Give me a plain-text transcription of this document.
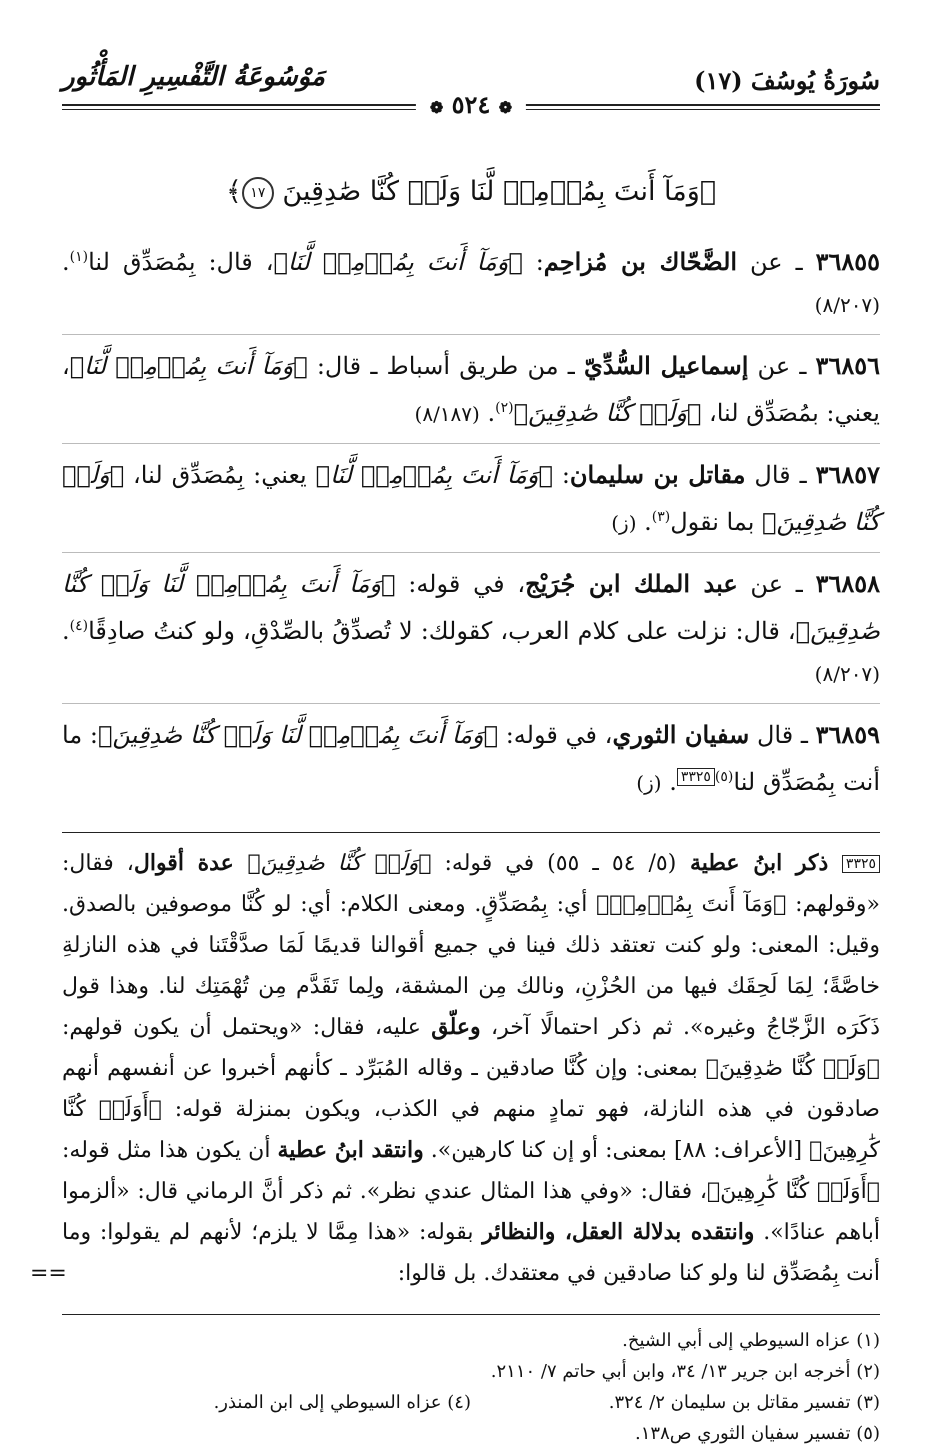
سُورَةُ يُوسُفَ (١٧)
❁ ٥٢٤ ❁
مَوْسُوعَةُ التَّفْسِيرِ المَأْثُور
﴿وَمَآ أَنتَ بِمُؤۡمِنٖ لَّنَا وَلَوۡ كُنَّا صَٰدِقِينَ ١٧﴾
٣٦٨٥٥ ـ عن الضَّحّاك بن مُزاحِم: ﴿وَمَآ أَنتَ بِمُؤۡمِنٖ لَّنَا﴾، قال: بِمُصَدِّق لنا$^{(١)}$. (٨/٢٠٧)
٣٦٨٥٦ ـ عن إسماعيل السُّدِّيّ ـ من طريق أسباط ـ قال: ﴿وَمَآ أَنتَ بِمُؤۡمِنٖ لَّنَا﴾، يعني: بمُصَدِّق لنا، ﴿وَلَوۡ كُنَّا صَٰدِقِينَ﴾$^{(٢)}$. (٨/١٨٧)
٣٦٨٥٧ ـ قال مقاتل بن سليمان: ﴿وَمَآ أَنتَ بِمُؤۡمِنٖ لَّنَا﴾ يعني: بِمُصَدِّق لنا، ﴿وَلَوۡ كُنَّا صَٰدِقِينَ﴾ بما نقول$^{(٣)}$. (ز)
٣٦٨٥٨ ـ عن عبد الملك ابن جُرَيْج، في قوله: ﴿وَمَآ أَنتَ بِمُؤۡمِنٖ لَّنَا وَلَوۡ كُنَّا صَٰدِقِينَ﴾، قال: نزلت على كلام العرب، كقولك: لا تُصدِّقُ بالصِّدْقِ، ولو كنتُ صادِقًا$^{(٤)}$. (٨/٢٠٧)
٣٦٨٥٩ ـ قال سفيان الثوري، في قوله: ﴿وَمَآ أَنتَ بِمُؤۡمِنٖ لَّنَا وَلَوۡ كُنَّا صَٰدِقِينَ﴾: ما أنت بِمُصَدِّق لنا$^{(٥)}$٣٣٢٥. (ز)
٣٣٢٥ ذكر ابنُ عطية (٥/ ٥٤ ـ ٥٥) في قوله: ﴿وَلَوۡ كُنَّا صَٰدِقِينَ﴾ عدة أقوال، فقال: «وقولهم: ﴿وَمَآ أَنتَ بِمُؤۡمِنٖ﴾ أي: بِمُصَدِّقٍ. ومعنى الكلام: أي: لو كُنَّا موصوفين بالصدق. وقيل: المعنى: ولو كنت تعتقد ذلك فينا في جميع أقوالنا قديمًا لَمَا صدَّقْتَنا في هذه النازلةِ خاصَّةً؛ لِمَا لَحِقَك فيها من الحُزْنِ، ونالك مِن المشقة، ولِما تَقَدَّم مِن تُهْمَتِك لنا. وهذا قول ذَكَرَه الزَّجّاجُ وغيره». ثم ذكر احتمالًا آخر، وعلّق عليه، فقال: «ويحتمل أن يكون قولهم: ﴿وَلَوۡ كُنَّا صَٰدِقِينَ﴾ بمعنى: وإن كُنَّا صادقين ـ وقاله المُبَرِّد ـ كأنهم أخبروا عن أنفسهم أنهم صادقون في هذه النازلة، فهو تمادٍ منهم في الكذب، ويكون بمنزلة قوله: ﴿أَوَلَوۡ كُنَّا كَٰرِهِينَ﴾ [الأعراف: ٨٨] بمعنى: أو إن كنا كارهين». وانتقد ابنُ عطية أن يكون هذا مثل قوله: ﴿أَوَلَوۡ كُنَّا كَٰرِهِينَ﴾، فقال: «وفي هذا المثال عندي نظر». ثم ذكر أنَّ الرماني قال: «ألزموا أباهم عنادًا». وانتقده بدلالة العقل، والنظائر بقوله: «هذا مِمَّا لا يلزم؛ لأنهم لم يقولوا: وما أنت بِمُصَدِّق لنا ولو كنا صادقين في معتقدك. بل قالوا:
==
(١) عزاه السيوطي إلى أبي الشيخ.
(٢) أخرجه ابن جرير ١٣/ ٣٤، وابن أبي حاتم ٧/ ٢١١٠.
(٣) تفسير مقاتل بن سليمان ٢/ ٣٢٤.
(٤) عزاه السيوطي إلى ابن المنذر.
(٥) تفسير سفيان الثوري ص١٣٨.
